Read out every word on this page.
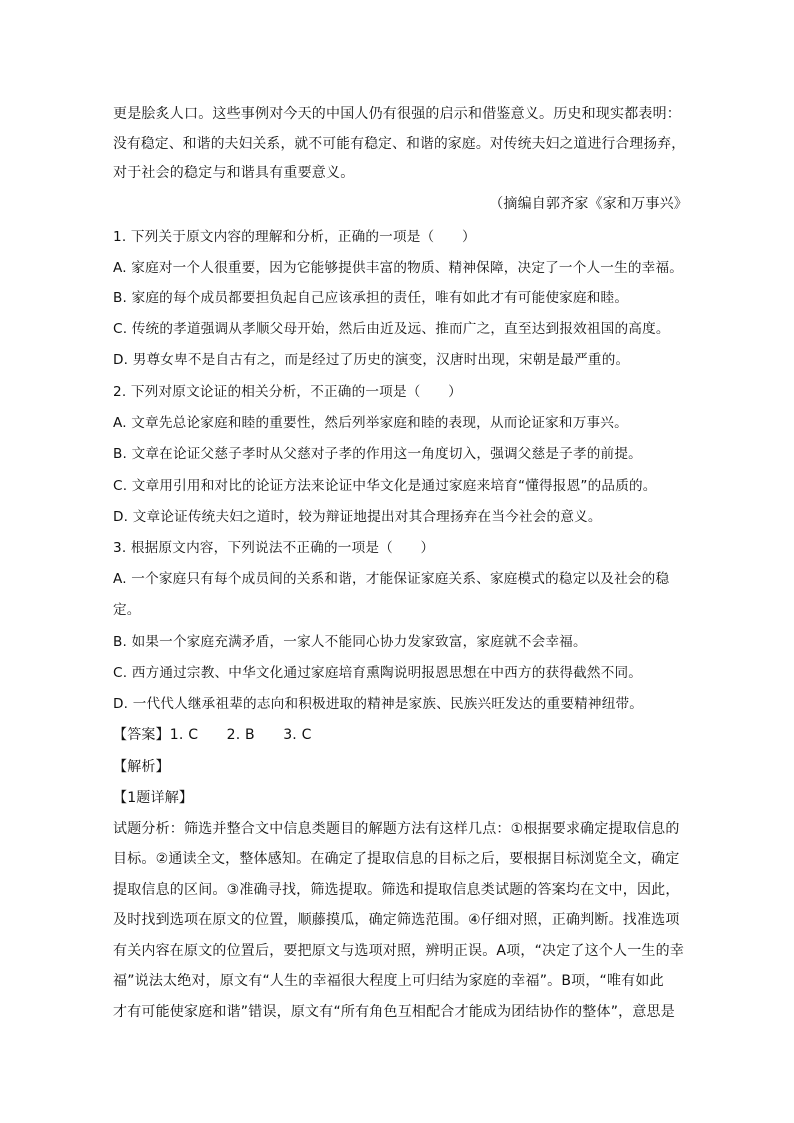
更是脍炙人口。这些事例对今天的中国人仍有很强的启示和借鉴意义。历史和现实都表明：
没有稳定、和谐的夫妇关系，就不可能有稳定、和谐的家庭。对传统夫妇之道进行合理扬弃，
对于社会的稳定与和谐具有重要意义。
（摘编自郭齐家《家和万事兴》
1. 下列关于原文内容的理解和分析，正确的一项是（　　）
A. 家庭对一个人很重要，因为它能够提供丰富的物质、精神保障，决定了一个人一生的幸福。
B. 家庭的每个成员都要担负起自己应该承担的责任，唯有如此才有可能使家庭和睦。
C. 传统的孝道强调从孝顺父母开始，然后由近及远、推而广之，直至达到报效祖国的高度。
D. 男尊女卑不是自古有之，而是经过了历史的演变，汉唐时出现，宋朝是最严重的。
2. 下列对原文论证的相关分析，不正确的一项是（　　）
A. 文章先总论家庭和睦的重要性，然后列举家庭和睦的表现，从而论证家和万事兴。
B. 文章在论证父慈子孝时从父慈对子孝的作用这一角度切入，强调父慈是子孝的前提。
C. 文章用引用和对比的论证方法来论证中华文化是通过家庭来培育“懂得报恩”的品质的。
D. 文章论证传统夫妇之道时，较为辩证地提出对其合理扬弃在当今社会的意义。
3. 根据原文内容，下列说法不正确的一项是（　　）
A. 一个家庭只有每个成员间的关系和谐，才能保证家庭关系、家庭模式的稳定以及社会的稳
定。
B. 如果一个家庭充满矛盾，一家人不能同心协力发家致富，家庭就不会幸福。
C. 西方通过宗教、中华文化通过家庭培育熏陶说明报恩思想在中西方的获得截然不同。
D. 一代代人继承祖辈的志向和积极进取的精神是家族、民族兴旺发达的重要精神纽带。
【答案】1. C　　2. B　　3. C
【解析】
【1题详解】
试题分析：筛选并整合文中信息类题目的解题方法有这样几点：①根据要求确定提取信息的
目标。②通读全文，整体感知。在确定了提取信息的目标之后，要根据目标浏览全文，确定
提取信息的区间。③准确寻找，筛选提取。筛选和提取信息类试题的答案均在文中，因此，
及时找到选项在原文的位置，顺藤摸瓜，确定筛选范围。④仔细对照，正确判断。找准选项
有关内容在原文的位置后，要把原文与选项对照，辨明正误。A项，“决定了这个人一生的幸
福”说法太绝对，原文有“人生的幸福很大程度上可归结为家庭的幸福”。B项，“唯有如此
才有可能使家庭和谐”错误，原文有“所有角色互相配合才能成为团结协作的整体”，意思是
